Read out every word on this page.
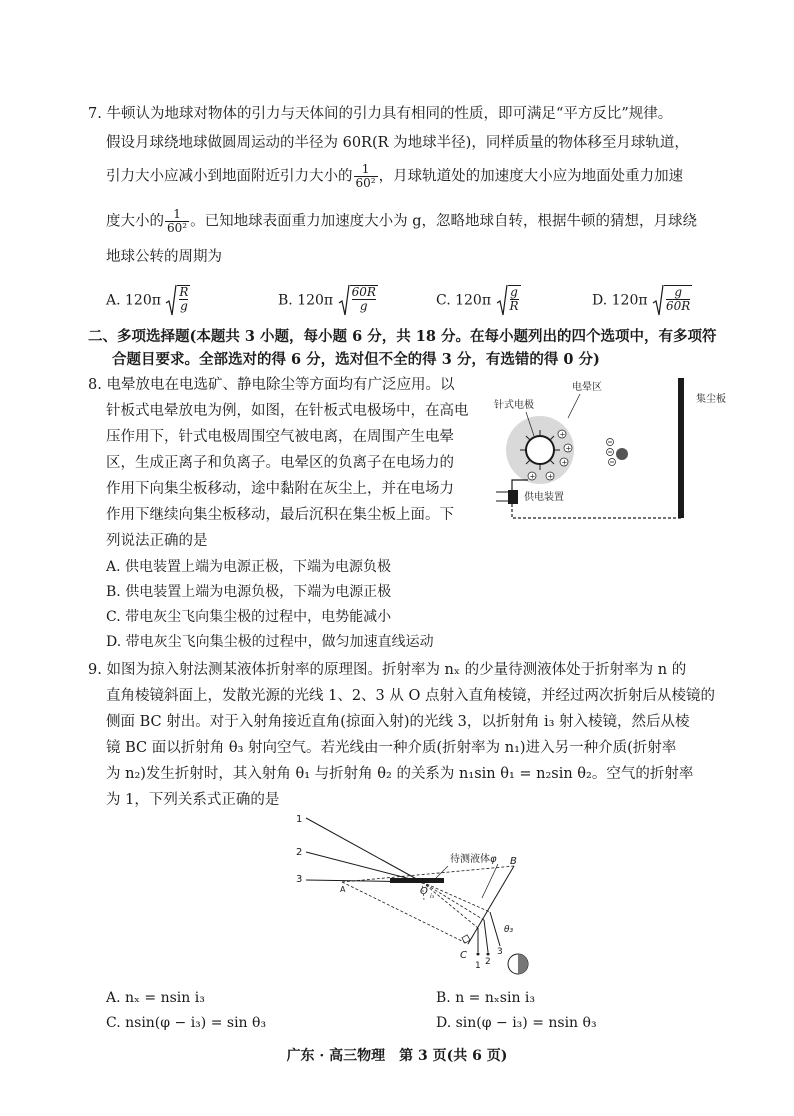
7. 牛顿认为地球对物体的引力与天体间的引力具有相同的性质，即可满足“平方反比”规律。
假设月球绕地球做圆周运动的半径为 60R(R 为地球半径)，同样质量的物体移至月球轨道，
引力大小应减小到地面附近引力大小的 $\frac{1}{\text{60²}}$ ，月球轨道处的加速度大小应为地面处重力加速
度大小的 $\frac{1}{\text{60²}}$ 。已知地球表面重力加速度大小为 g，忽略地球自转，根据牛顿的猜想，月球绕
地球公转的周期为
A. $120\pi \frac{R}{g}$	B. $120\pi \frac{60R}{g}$	C. $120\pi \frac{g}{R}$	D. $120\pi \frac{g}{60R}$
二、多项选择题(本题共 3 小题，每小题 6 分，共 18 分。在每小题列出的四个选项中，有多项符
合题目要求。全部选对的得 6 分，选对但不全的得 3 分，有选错的得 0 分)
8. 电晕放电在电选矿、静电除尘等方面均有广泛应用。以
针板式电晕放电为例，如图，在针板式电极场中，在高电
压作用下，针式电极周围空气被电离，在周围产生电晕
区，生成正离子和负离子。电晕区的负离子在电场力的
作用下向集尘板移动，途中黏附在灰尘上，并在电场力
作用下继续向集尘板移动，最后沉积在集尘板上面。下
列说法正确的是
A. 供电装置上端为电源正极，下端为电源负极
B. 供电装置上端为电源负极，下端为电源正极
C. 带电灰尘飞向集尘极的过程中，电势能减小
D. 带电灰尘飞向集尘极的过程中，做匀加速直线运动
+
+
+
+
+
电晕区
针式电极
集尘板
供电装置
9. 如图为掠入射法测某液体折射率的原理图。折射率为 nₓ 的少量待测液体处于折射率为 n 的
直角棱镜斜面上，发散光源的光线 1、2、3 从 O 点射入直角棱镜，并经过两次折射后从棱镜的
侧面 BC 射出。对于入射角接近直角(掠面入射)的光线 3，以折射角 i₃ 射入棱镜，然后从棱
镜 BC 面以折射角 θ₃ 射向空气。若光线由一种介质(折射率为 n₁)进入另一种介质(折射率
为 n₂)发生折射时，其入射角 θ₁ 与折射角 θ₂ 的关系为 n₁sin θ₁ = n₂sin θ₂。空气的折射率
为 1，下列关系式正确的是
1
2
3
待测液体
O
A
B
C
φ
θ₃
i₃
1 2
3
A. nₓ = nsin i₃	B. n = nₓsin i₃
C. nsin(φ − i₃) = sin θ₃	D. sin(φ − i₃) = nsin θ₃
广东 · 高三物理　第 3 页(共 6 页)
